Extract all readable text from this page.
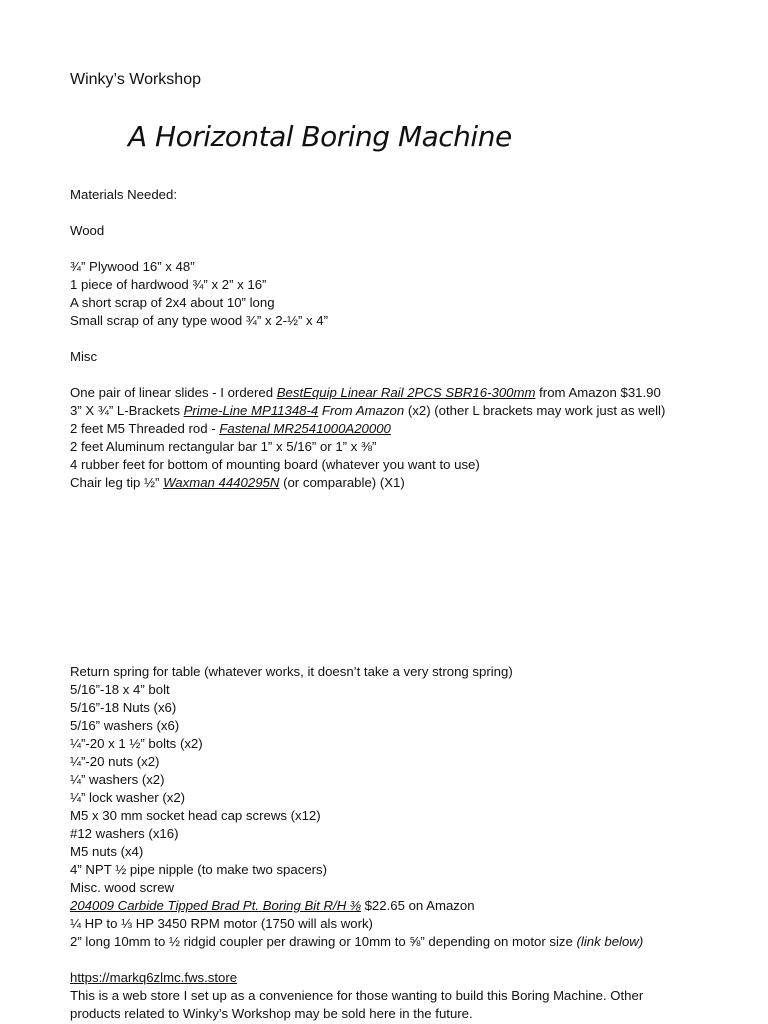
Winky’s Workshop
A Horizontal Boring Machine
Materials Needed:
Wood
¾” Plywood 16” x 48”
1 piece of hardwood ¾” x 2” x 16”
A short scrap of 2x4 about 10” long
Small scrap of any type wood ¾” x 2-½” x 4”
Misc
One pair of linear slides - I ordered BestEquip Linear Rail 2PCS SBR16-300mm from Amazon $31.90
3” X ¾” L-Brackets Prime-Line MP11348-4 From Amazon (x2) (other L brackets may work just as well)
2 feet M5 Threaded rod - Fastenal MR2541000A20000
2 feet Aluminum rectangular bar 1” x 5/16” or 1” x ⅜”
4 rubber feet for bottom of mounting board (whatever you want to use)
Chair leg tip ½” Waxman 4440295N (or comparable) (X1)
Return spring for table (whatever works, it doesn’t take a very strong spring)
5/16”-18 x 4” bolt
5/16”-18 Nuts (x6)
5/16” washers (x6)
¼”-20 x 1 ½” bolts (x2)
¼”-20 nuts (x2)
¼” washers (x2)
¼” lock washer (x2)
M5 x 30 mm socket head cap screws (x12)
#12 washers (x16)
M5 nuts (x4)
4” NPT ½ pipe nipple (to make two spacers)
Misc. wood screw
204009 Carbide Tipped Brad Pt. Boring Bit R/H ⅜ $22.65 on Amazon
¼ HP to ⅓ HP 3450 RPM motor (1750 will als work)
2” long 10mm to ½ ridgid coupler per drawing or 10mm to ⅝” depending on motor size (link below)
https://markq6zlmc.fws.store
This is a web store I set up as a convenience for those wanting to build this Boring Machine. Other
products related to Winky’s Workshop may be sold here in the future.
